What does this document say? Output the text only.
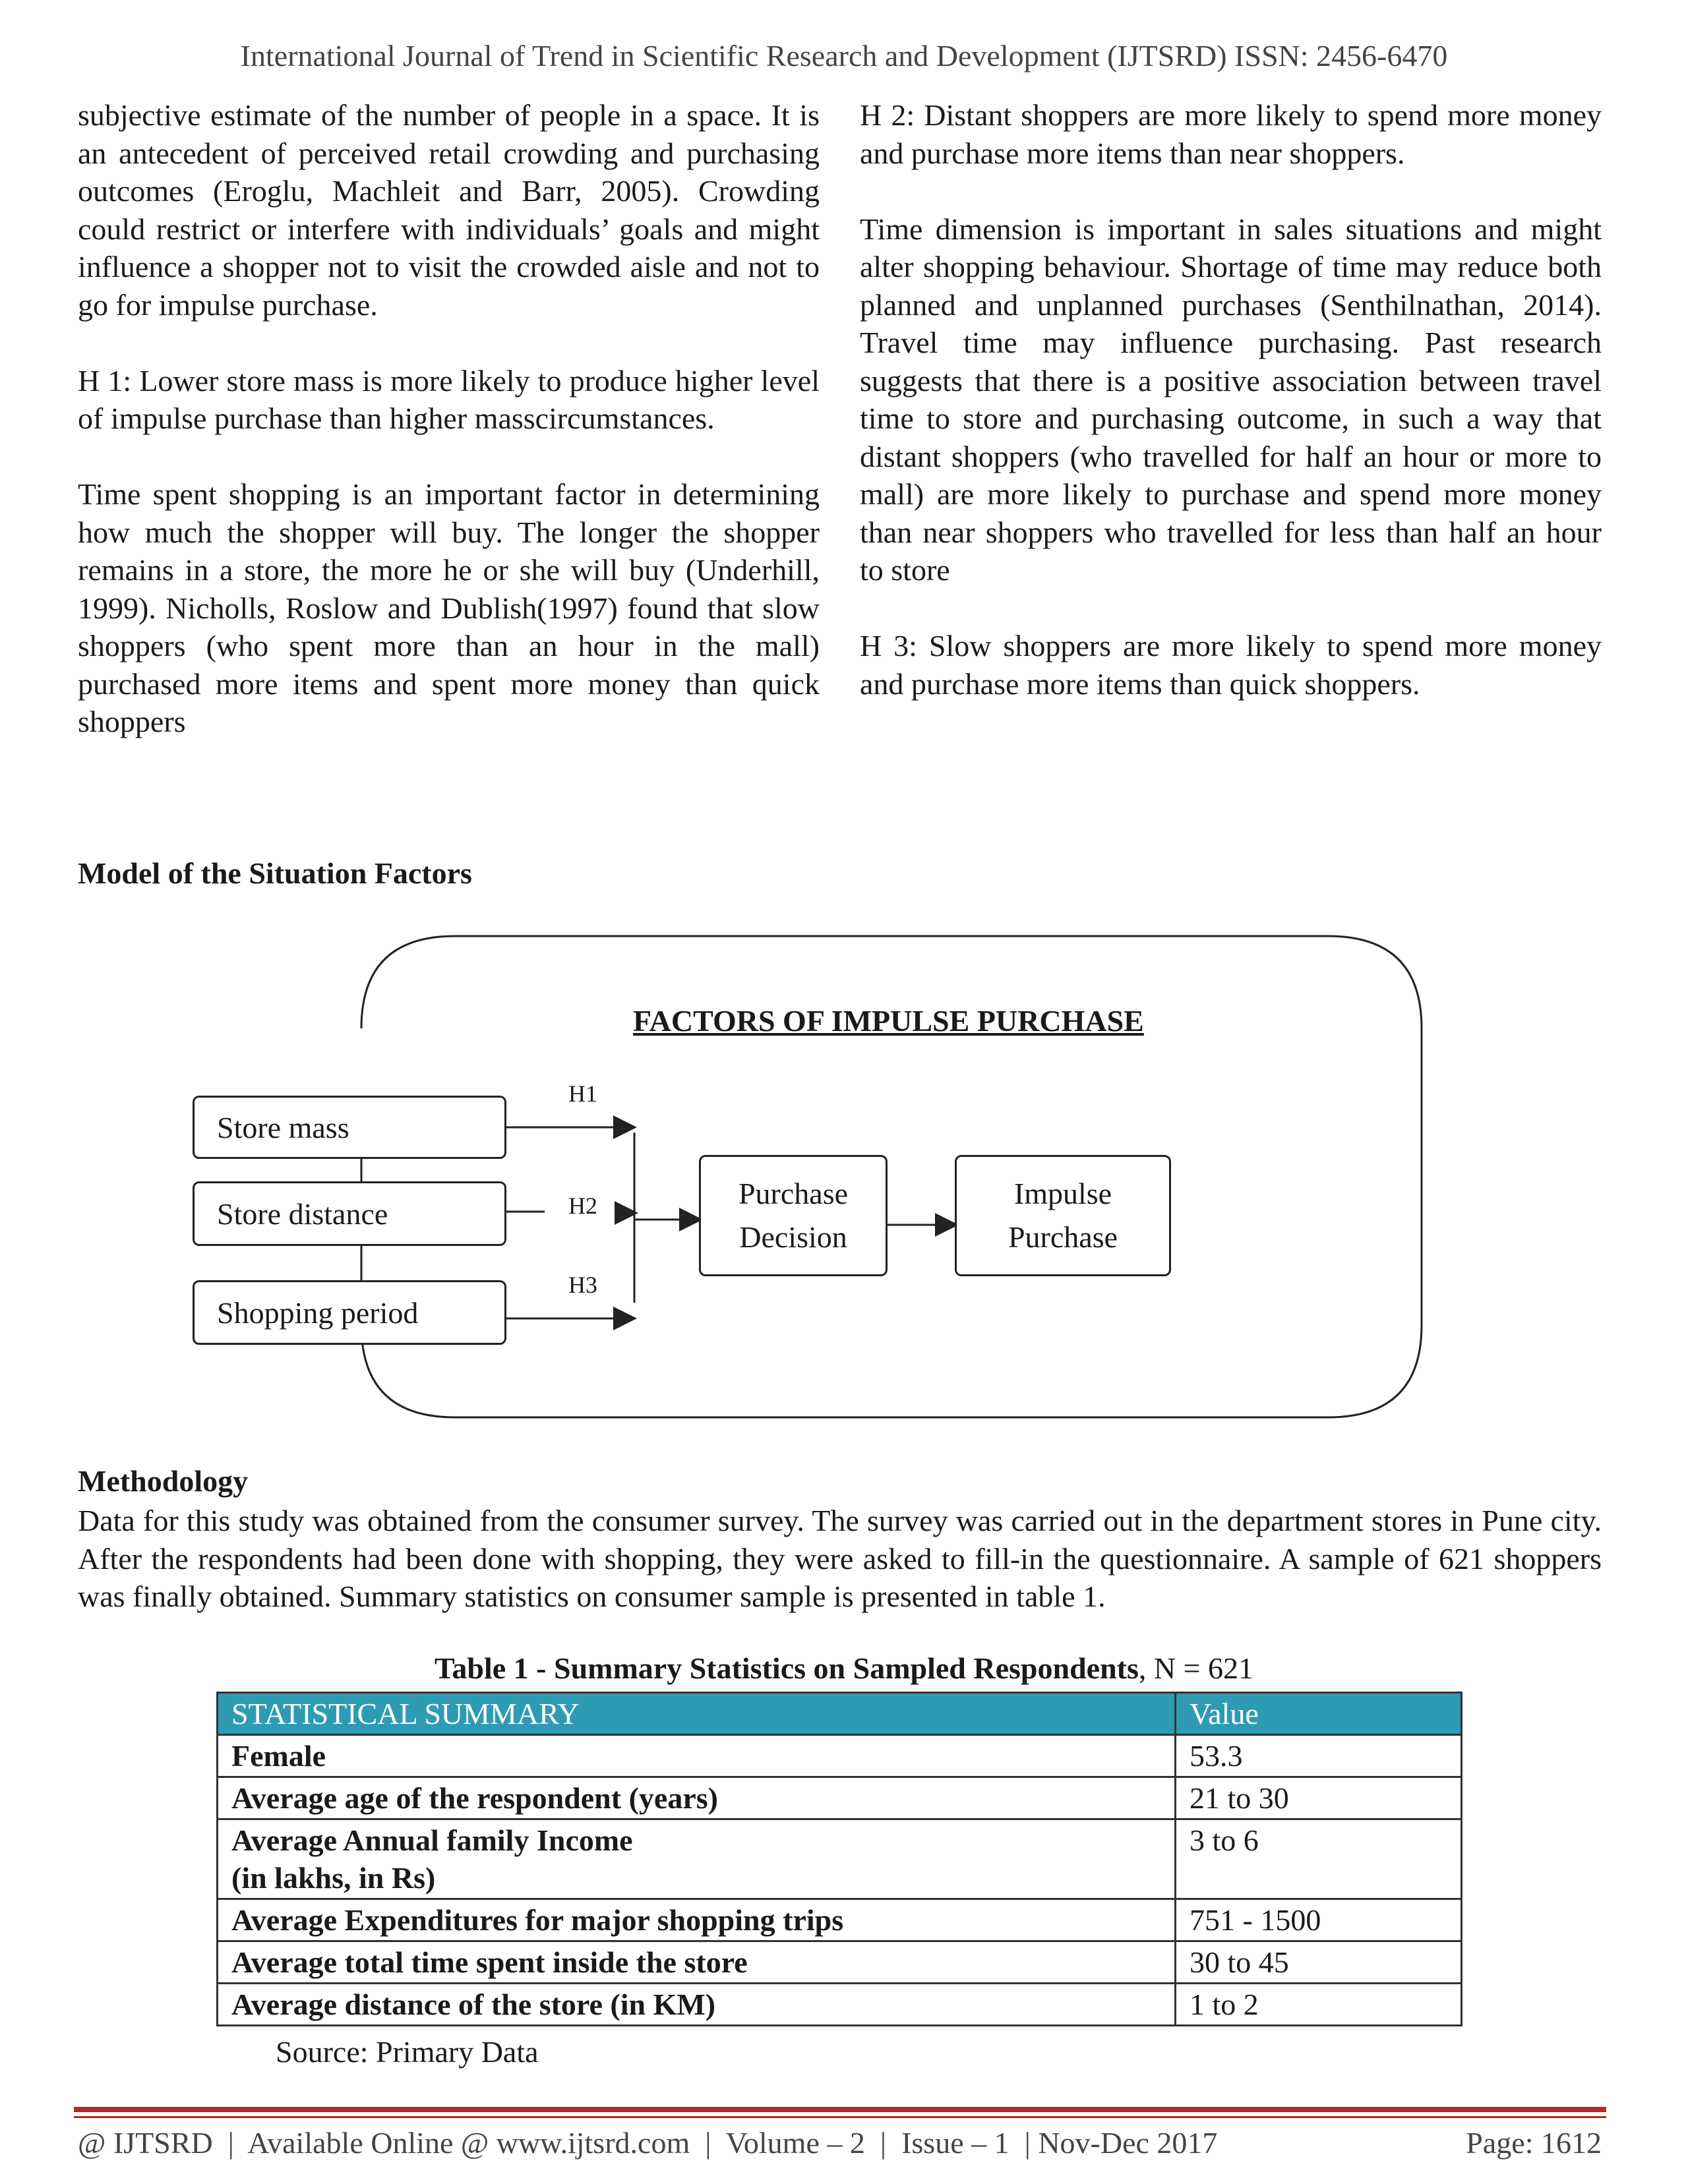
International Journal of Trend in Scientific Research and Development (IJTSRD) ISSN: 2456-6470

subjective estimate of the number of people in a space. It is an antecedent of perceived retail crowding and purchasing outcomes (Eroglu, Machleit and Barr, 2005). Crowding could restrict or interfere with individuals’ goals and might influence a shopper not to visit the crowded aisle and not to go for impulse purchase.

H 1: Lower store mass is more likely to produce higher level of impulse purchase than higher masscircumstances.

Time spent shopping is an important factor in determining how much the shopper will buy. The longer the shopper remains in a store, the more he or she will buy (Underhill, 1999). Nicholls, Roslow and Dublish(1997) found that slow shoppers (who spent more than an hour in the mall) purchased more items and spent more money than quick shoppers

H 2: Distant shoppers are more likely to spend more money and purchase more items than near shoppers.

Time dimension is important in sales situations and might alter shopping behaviour. Shortage of time may reduce both planned and unplanned purchases (Senthilnathan, 2014). Travel time may influence purchasing. Past research suggests that there is a positive association between travel time to store and purchasing outcome, in such a way that distant shoppers (who travelled for half an hour or more to mall) are more likely to purchase and spend more money than near shoppers who travelled for less than half an hour to store

H 3: Slow shoppers are more likely to spend more money and purchase more items than quick shoppers.

Model of the Situation Factors
FACTORS OF IMPULSE PURCHASE
Store mass
Store distance
Shopping period
H1
H2
H3
Purchase
Decision
Impulse
Purchase
Methodology
Data for this study was obtained from the consumer survey. The survey was carried out in the department stores in Pune city. After the respondents had been done with shopping, they were asked to fill-in the questionnaire. A sample of 621 shoppers was finally obtained. Summary statistics on consumer sample is presented in table 1.
Table 1 - Summary Statistics on Sampled Respondents, N = 621
STATISTICAL SUMMARY	Value
Female	53.3
Average age of the respondent (years)	21 to 30

Average Annual family Income
(in lakhs, in Rs)	3 to 6
Average Expenditures for major shopping trips	751 - 1500
Average total time spent inside the store	30 to 45
Average distance of the store (in KM)	1 to 2
Source: Primary Data
@ IJTSRD  |  Available Online @ www.ijtsrd.com  |  Volume – 2  |  Issue – 1  | Nov-Dec 2017	Page: 1612
